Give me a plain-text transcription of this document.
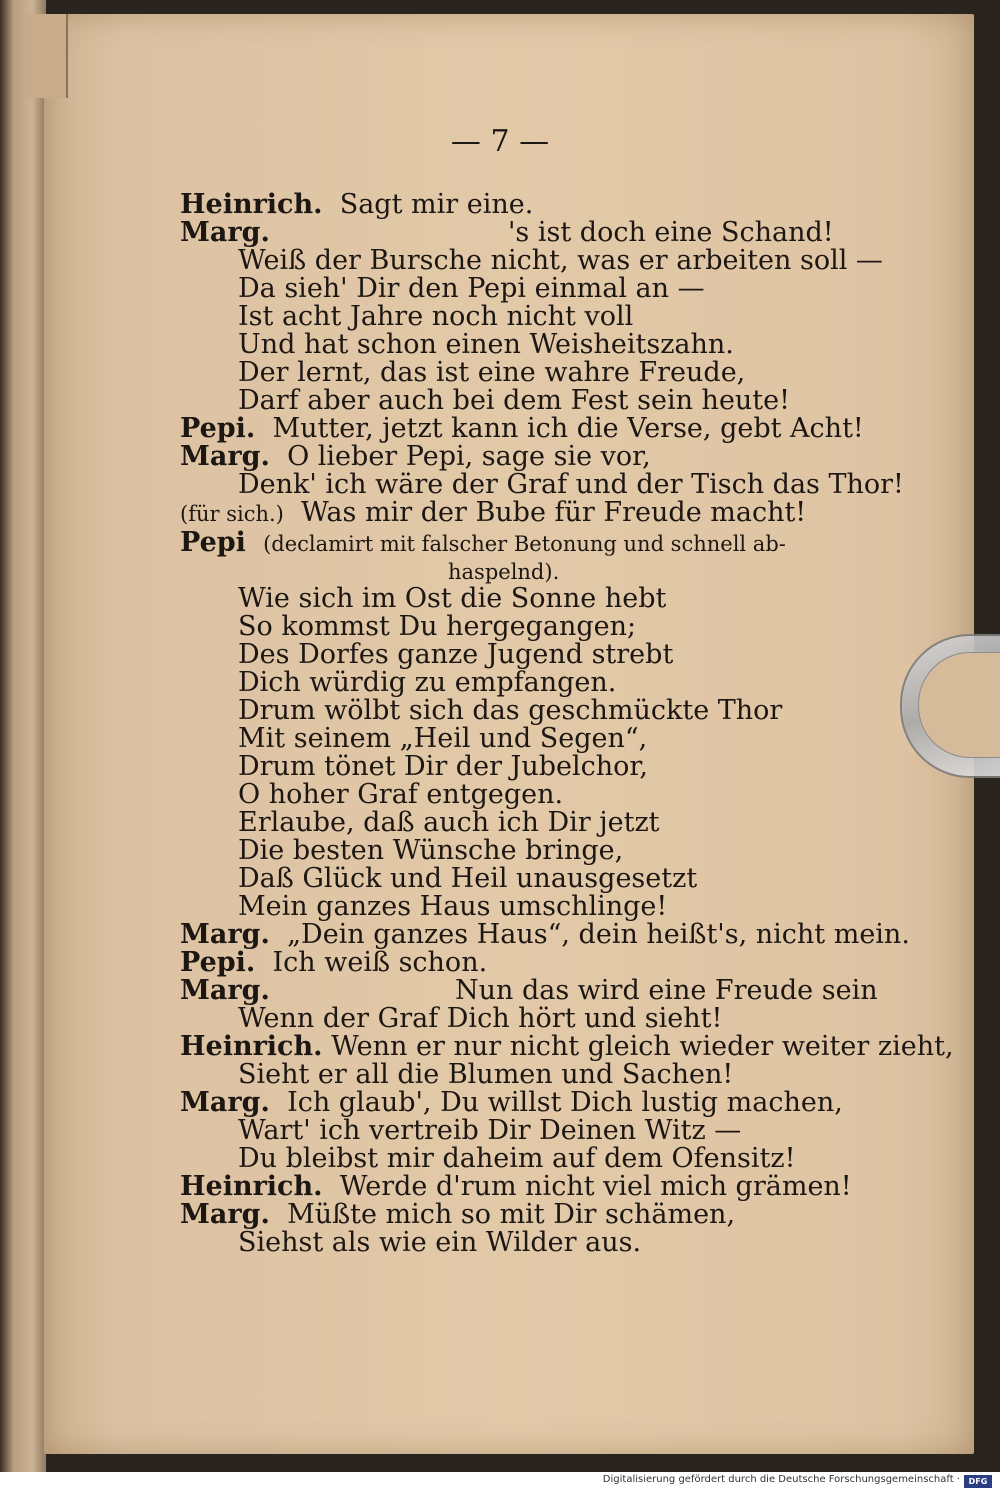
— 7 —
Heinrich. Sagt mir eine.
Marg.	's ist doch eine Schand!
Weiß der Bursche nicht, was er arbeiten soll —
Da sieh' Dir den Pepi einmal an —
Ist acht Jahre noch nicht voll
Und hat schon einen Weisheitszahn.
Der lernt, das ist eine wahre Freude,
Darf aber auch bei dem Fest sein heute!
Pepi. Mutter, jetzt kann ich die Verse, gebt Acht!
Marg. O lieber Pepi, sage sie vor,
Denk' ich wäre der Graf und der Tisch das Thor!
(für sich.) Was mir der Bube für Freude macht!
Pepi (declamirt mit falscher Betonung und schnell ab-
haspelnd).
Wie sich im Ost die Sonne hebt
So kommst Du hergegangen;
Des Dorfes ganze Jugend strebt
Dich würdig zu empfangen.
Drum wölbt sich das geschmückte Thor
Mit seinem „Heil und Segen“,
Drum tönet Dir der Jubelchor,
O hoher Graf entgegen.
Erlaube, daß auch ich Dir jetzt
Die besten Wünsche bringe,
Daß Glück und Heil unausgesetzt
Mein ganzes Haus umschlinge!
Marg. „Dein ganzes Haus“, dein heißt's, nicht mein.
Pepi. Ich weiß schon.
Marg.	Nun das wird eine Freude sein
Wenn der Graf Dich hört und sieht!
Heinrich. Wenn er nur nicht gleich wieder weiter zieht,
Sieht er all die Blumen und Sachen!
Marg. Ich glaub', Du willst Dich lustig machen,
Wart' ich vertreib Dir Deinen Witz —
Du bleibst mir daheim auf dem Ofensitz!
Heinrich. Werde d'rum nicht viel mich grämen!
Marg. Müßte mich so mit Dir schämen,
Siehst als wie ein Wilder aus.
Digitalisierung gefördert durch die Deutsche Forschungsgemeinschaft ·	DFG
